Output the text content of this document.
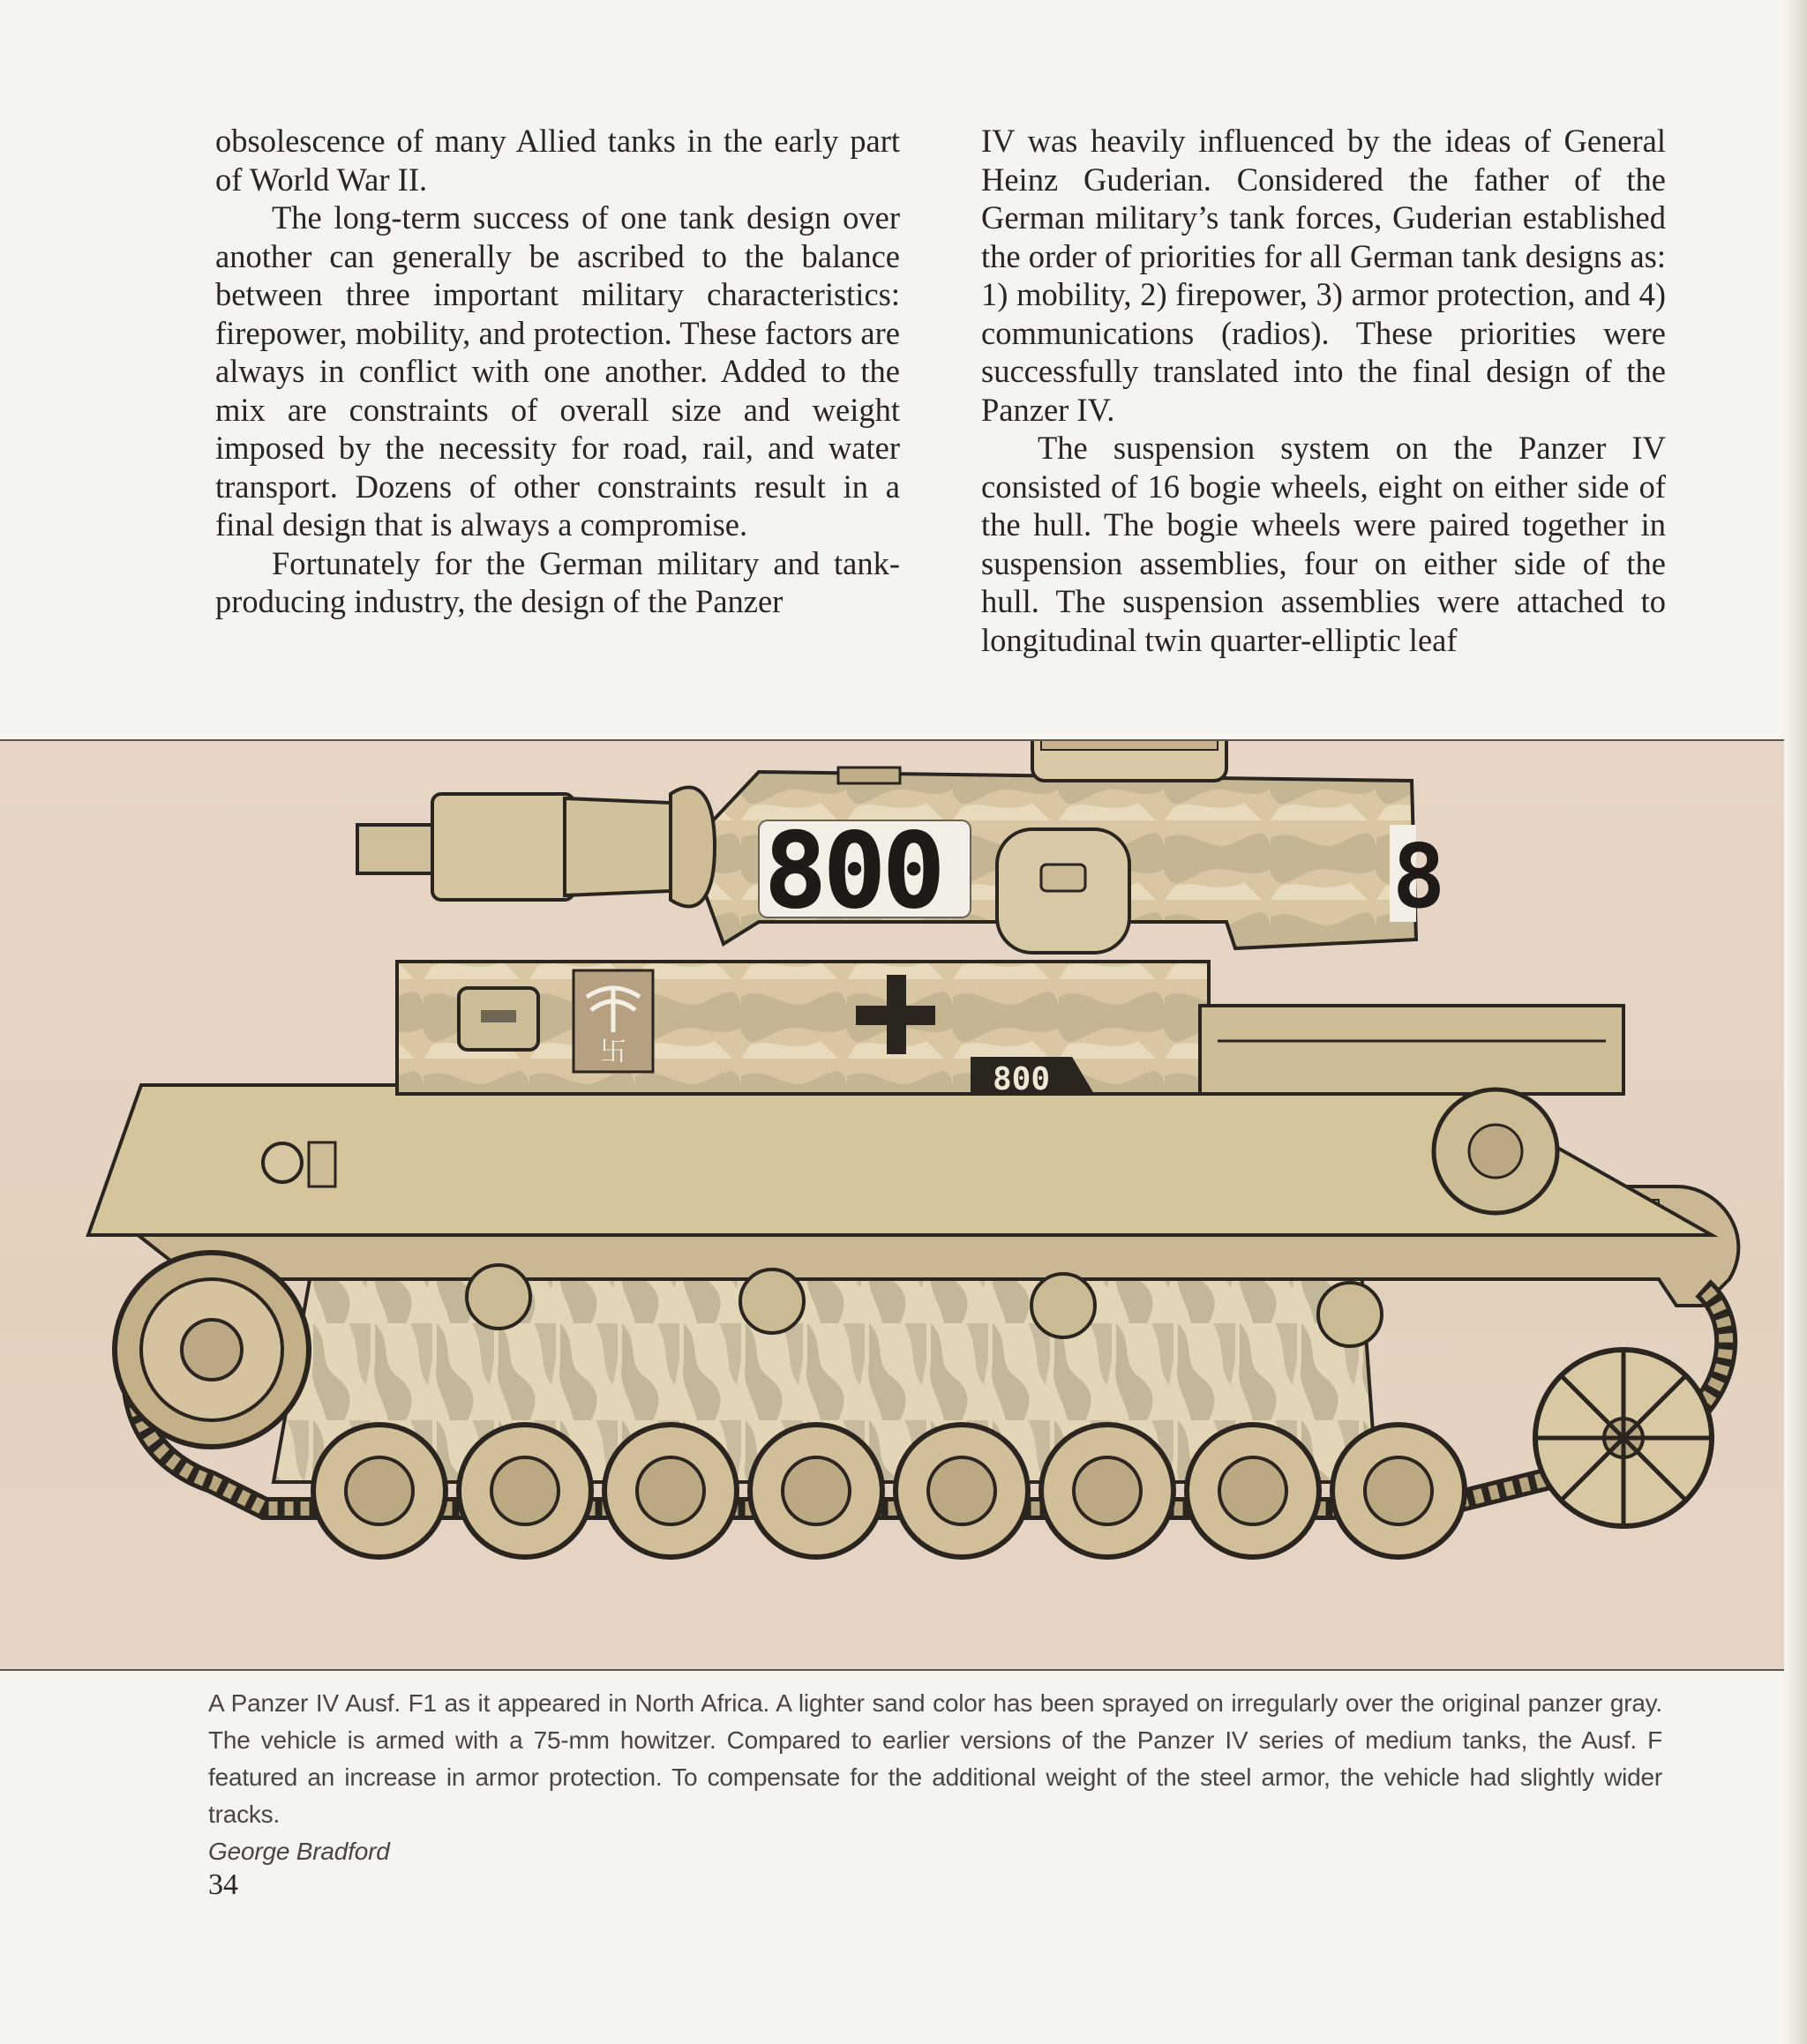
obsolescence of many Allied tanks in the early part of World War II.

The long-term success of one tank design over another can generally be ascribed to the balance between three important military characteristics: firepower, mobility, and protection. These factors are always in conflict with one another. Added to the mix are constraints of overall size and weight imposed by the necessity for road, rail, and water transport. Dozens of other constraints result in a final design that is always a compromise.

Fortunately for the German military and tank-producing industry, the design of the Panzer

IV was heavily influenced by the ideas of General Heinz Guderian. Considered the father of the German military’s tank forces, Guderian established the order of priorities for all German tank designs as: 1) mobility, 2) firepower, 3) armor protection, and 4) communications (radios). These priorities were successfully translated into the final design of the Panzer IV.

The suspension system on the Panzer IV consisted of 16 bogie wheels, eight on either side of the hull. The bogie wheels were paired together in suspension assemblies, four on either side of the hull. The suspension assemblies were attached to longitudinal twin quarter-elliptic leaf

卐
800
800	8
A Panzer IV Ausf. F1 as it appeared in North Africa. A lighter sand color has been sprayed on irregularly over the original panzer gray. The vehicle is armed with a 75-mm howitzer. Compared to earlier versions of the Panzer IV series of medium tanks, the Ausf. F featured an increase in armor protection. To compensate for the additional weight of the steel armor, the vehicle had slightly wider tracks.
George Bradford
34
